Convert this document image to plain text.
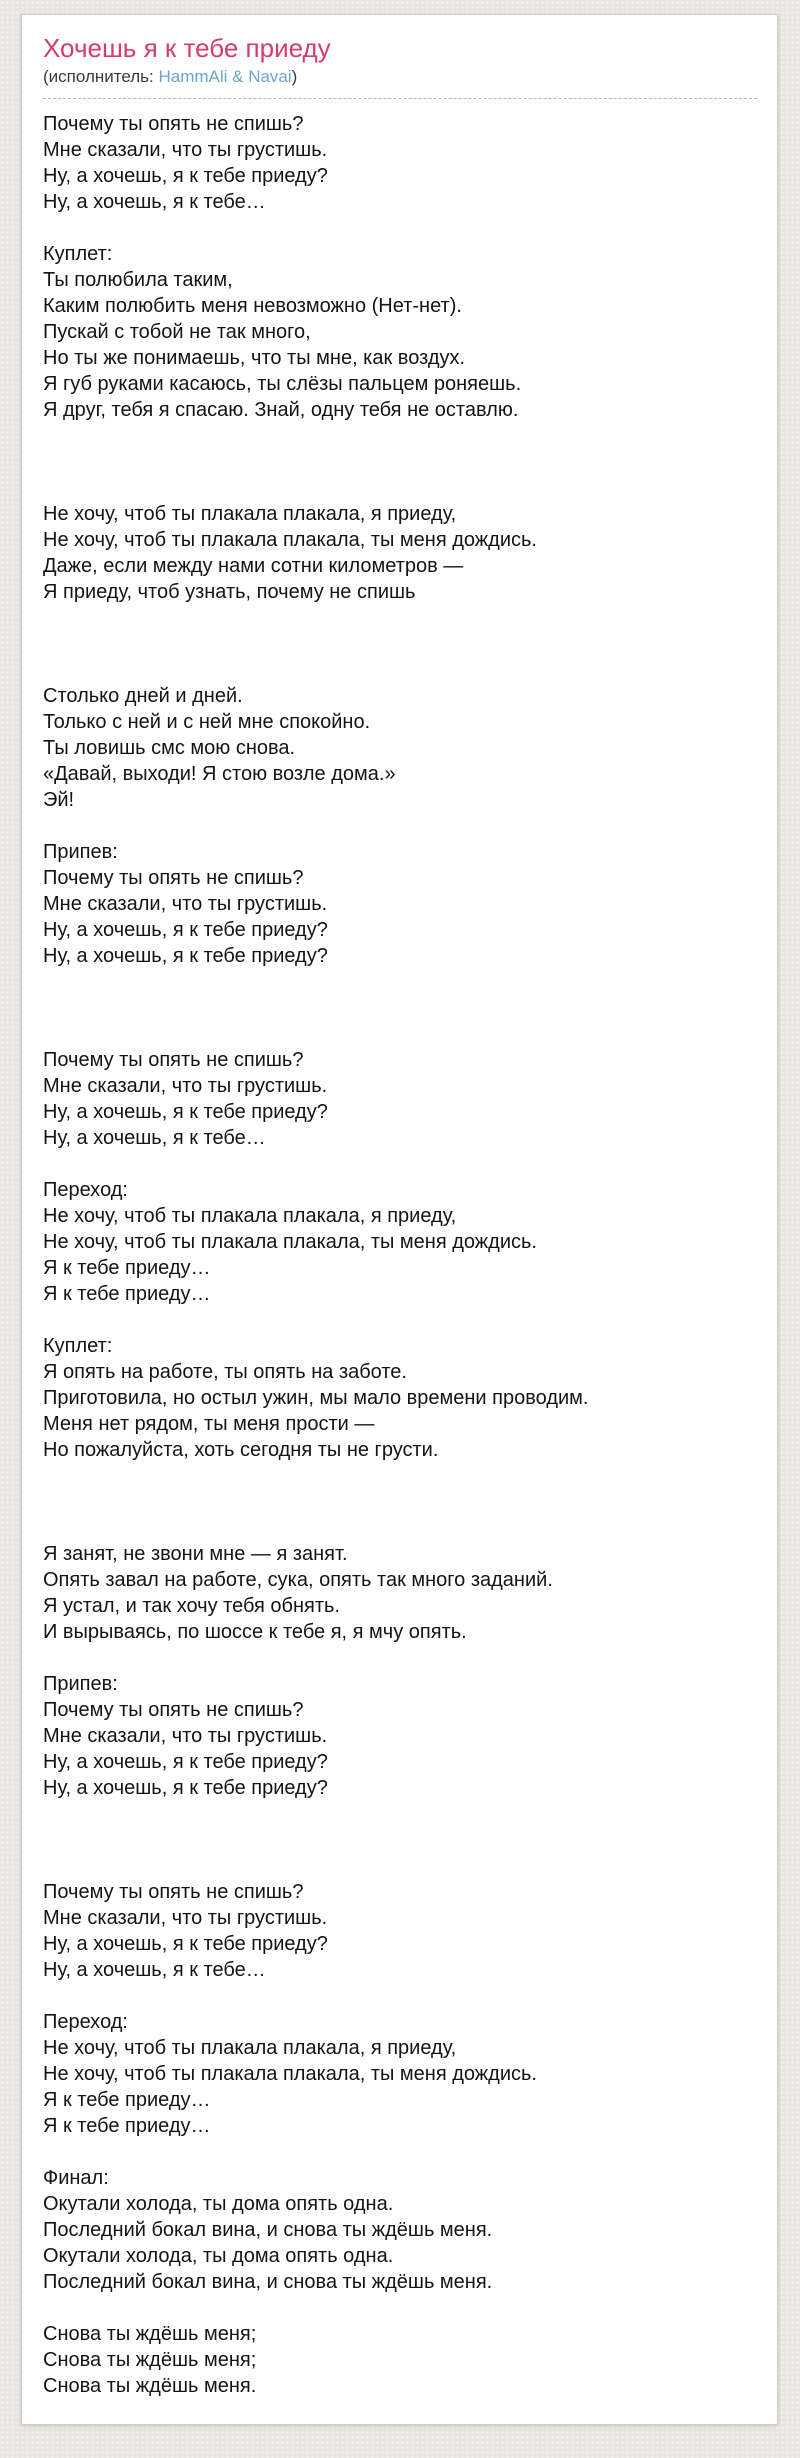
Хочешь я к тебе приеду
(исполнитель: HammAli & Navai)
Почему ты опять не спишь?
Мне сказали, что ты грустишь.
Ну, а хочешь, я к тебе приеду?
Ну, а хочешь, я к тебе…
Куплет:
Ты полюбила таким,
Каким полюбить меня невозможно (Нет-нет).
Пускай с тобой не так много,
Но ты же понимаешь, что ты мне, как воздух.
Я губ руками касаюсь, ты слёзы пальцем роняешь.
Я друг, тебя я спасаю. Знай, одну тебя не оставлю.
Не хочу, чтоб ты плакала плакала, я приеду,
Не хочу, чтоб ты плакала плакала, ты меня дождись.
Даже, если между нами сотни километров —
Я приеду, чтоб узнать, почему не спишь
Столько дней и дней.
Только с ней и с ней мне спокойно.
Ты ловишь смс мою снова.
«Давай, выходи! Я стою возле дома.»
Эй!
Припев:
Почему ты опять не спишь?
Мне сказали, что ты грустишь.
Ну, а хочешь, я к тебе приеду?
Ну, а хочешь, я к тебе приеду?
Почему ты опять не спишь?
Мне сказали, что ты грустишь.
Ну, а хочешь, я к тебе приеду?
Ну, а хочешь, я к тебе…
Переход:
Не хочу, чтоб ты плакала плакала, я приеду,
Не хочу, чтоб ты плакала плакала, ты меня дождись.
Я к тебе приеду…
Я к тебе приеду…
Куплет:
Я опять на работе, ты опять на заботе.
Приготовила, но остыл ужин, мы мало времени проводим.
Меня нет рядом, ты меня прости —
Но пожалуйста, хоть сегодня ты не грусти.
Я занят, не звони мне — я занят.
Опять завал на работе, сука, опять так много заданий.
Я устал, и так хочу тебя обнять.
И вырываясь, по шоссе к тебе я, я мчу опять.
Припев:
Почему ты опять не спишь?
Мне сказали, что ты грустишь.
Ну, а хочешь, я к тебе приеду?
Ну, а хочешь, я к тебе приеду?
Почему ты опять не спишь?
Мне сказали, что ты грустишь.
Ну, а хочешь, я к тебе приеду?
Ну, а хочешь, я к тебе…
Переход:
Не хочу, чтоб ты плакала плакала, я приеду,
Не хочу, чтоб ты плакала плакала, ты меня дождись.
Я к тебе приеду…
Я к тебе приеду…
Финал:
Окутали холода, ты дома опять одна.
Последний бокал вина, и снова ты ждёшь меня.
Окутали холода, ты дома опять одна.
Последний бокал вина, и снова ты ждёшь меня.
Снова ты ждёшь меня;
Снова ты ждёшь меня;
Снова ты ждёшь меня.
